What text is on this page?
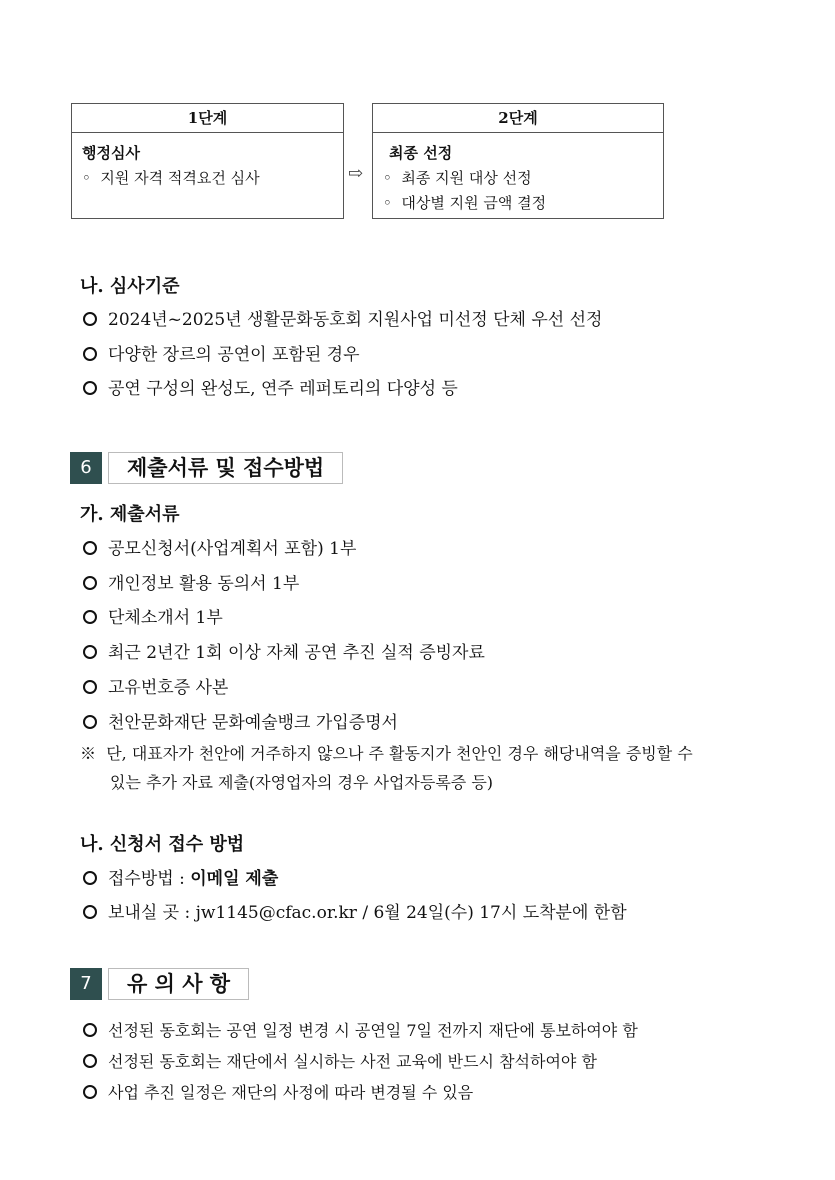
1단계
행정심사
◦ 지원 자격 적격요건 심사	⇨
2단계
최종 선정
◦ 최종 지원 대상 선정
◦ 대상별 지원 금액 결정
나. 심사기준
2024년~2025년 생활문화동호회 지원사업 미선정 단체 우선 선정
다양한 장르의 공연이 포함된 경우
공연 구성의 완성도, 연주 레퍼토리의 다양성 등
6	제출서류 및 접수방법
가. 제출서류
공모신청서(사업계획서 포함) 1부
개인정보 활용 동의서 1부
단체소개서 1부
최근 2년간 1회 이상 자체 공연 추진 실적 증빙자료
고유번호증 사본
천안문화재단 문화예술뱅크 가입증명서
※ 단, 대표자가 천안에 거주하지 않으나 주 활동지가 천안인 경우 해당내역을 증빙할 수
있는 추가 자료 제출(자영업자의 경우 사업자등록증 등)
나. 신청서 접수 방법
접수방법 : 이메일 제출
보내실 곳 : jw1145@cfac.or.kr / 6월 24일(수) 17시 도착분에 한함
7	유 의 사 항
선정된 동호회는 공연 일정 변경 시 공연일 7일 전까지 재단에 통보하여야 함
선정된 동호회는 재단에서 실시하는 사전 교육에 반드시 참석하여야 함
사업 추진 일정은 재단의 사정에 따라 변경될 수 있음
